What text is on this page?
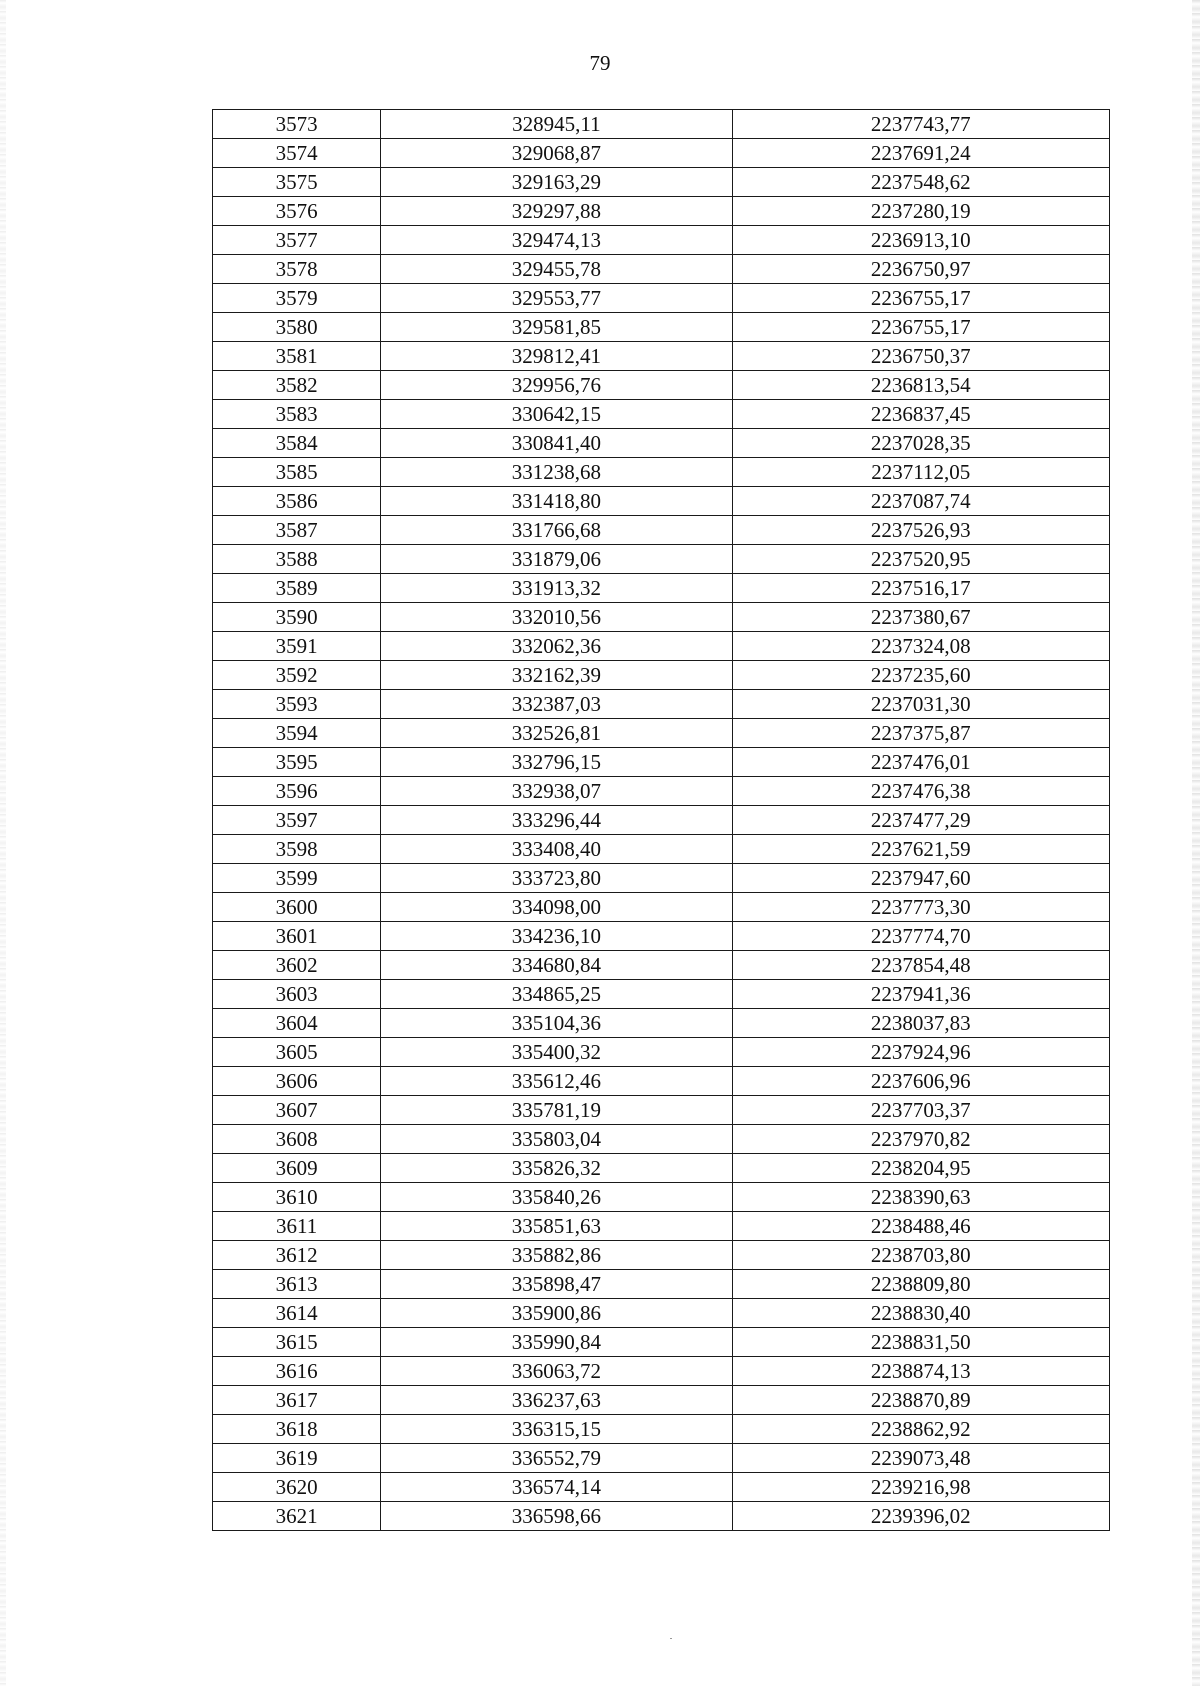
79
3573	328945,11	2237743,77
3574	329068,87	2237691,24
3575	329163,29	2237548,62
3576	329297,88	2237280,19
3577	329474,13	2236913,10
3578	329455,78	2236750,97
3579	329553,77	2236755,17
3580	329581,85	2236755,17
3581	329812,41	2236750,37
3582	329956,76	2236813,54
3583	330642,15	2236837,45
3584	330841,40	2237028,35
3585	331238,68	2237112,05
3586	331418,80	2237087,74
3587	331766,68	2237526,93
3588	331879,06	2237520,95
3589	331913,32	2237516,17
3590	332010,56	2237380,67
3591	332062,36	2237324,08
3592	332162,39	2237235,60
3593	332387,03	2237031,30
3594	332526,81	2237375,87
3595	332796,15	2237476,01
3596	332938,07	2237476,38
3597	333296,44	2237477,29
3598	333408,40	2237621,59
3599	333723,80	2237947,60
3600	334098,00	2237773,30
3601	334236,10	2237774,70
3602	334680,84	2237854,48
3603	334865,25	2237941,36
3604	335104,36	2238037,83
3605	335400,32	2237924,96
3606	335612,46	2237606,96
3607	335781,19	2237703,37
3608	335803,04	2237970,82
3609	335826,32	2238204,95
3610	335840,26	2238390,63
3611	335851,63	2238488,46
3612	335882,86	2238703,80
3613	335898,47	2238809,80
3614	335900,86	2238830,40
3615	335990,84	2238831,50
3616	336063,72	2238874,13
3617	336237,63	2238870,89
3618	336315,15	2238862,92
3619	336552,79	2239073,48
3620	336574,14	2239216,98
3621	336598,66	2239396,02
